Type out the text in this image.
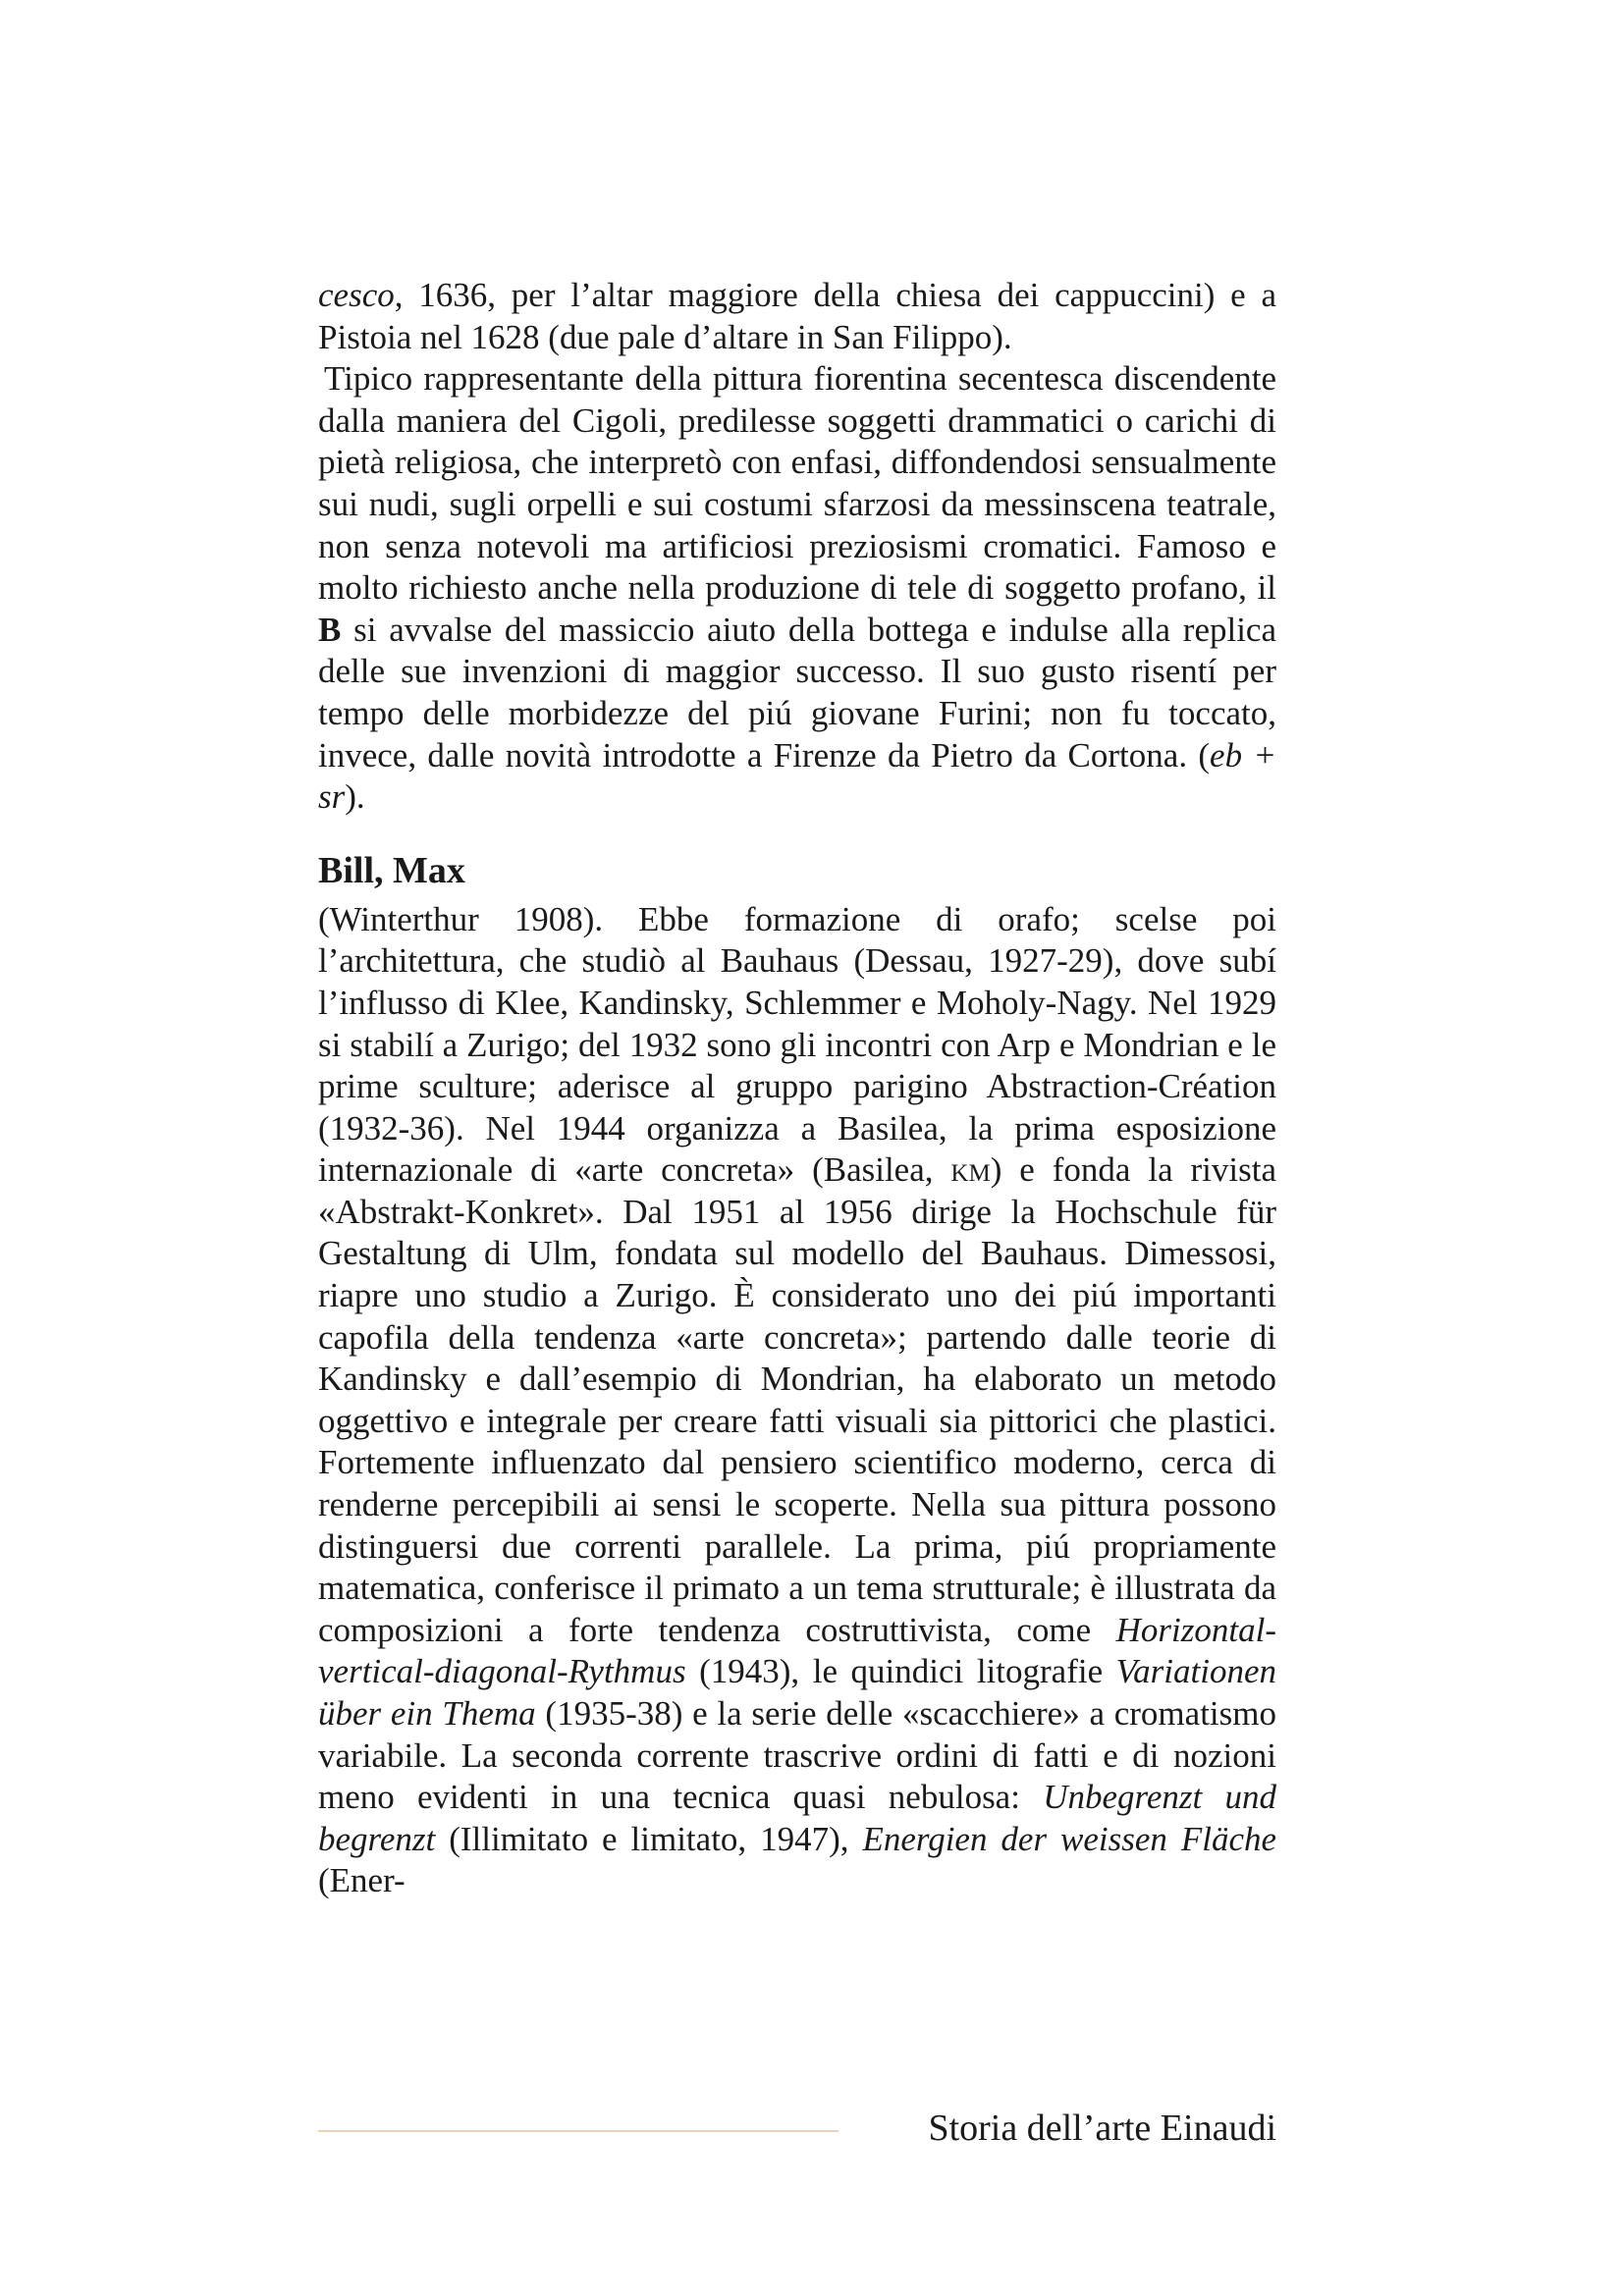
cesco, 1636, per l’altar maggiore della chiesa dei cappuccini) e a Pistoia nel 1628 (due pale d’altare in San Filippo).

Tipico rappresentante della pittura fiorentina secentesca discendente dalla maniera del Cigoli, predilesse soggetti drammatici o carichi di pietà religiosa, che interpretò con enfasi, diffondendosi sensualmente sui nudi, sugli orpelli e sui costumi sfarzosi da messinscena teatrale, non senza notevoli ma artificiosi preziosismi cromatici. Famoso e molto richiesto anche nella produzione di tele di soggetto profano, il B si avvalse del massiccio aiuto della bottega e indulse alla replica delle sue invenzioni di maggior successo. Il suo gusto risentí per tempo delle morbidezze del piú giovane Furini; non fu toccato, invece, dalle novità introdotte a Firenze da Pietro da Cortona. (eb + sr).

Bill, Max

(Winterthur 1908). Ebbe formazione di orafo; scelse poi l’architettura, che studiò al Bauhaus (Dessau, 1927-29), dove subí l’influsso di Klee, Kandinsky, Schlemmer e Moholy-Nagy. Nel 1929 si stabilí a Zurigo; del 1932 sono gli incontri con Arp e Mondrian e le prime sculture; aderisce al gruppo parigino Abstraction-Création (1932-36). Nel 1944 organizza a Basilea, la prima esposizione internazionale di «arte concreta» (Basilea, km) e fonda la rivista «Abstrakt-Konkret». Dal 1951 al 1956 dirige la Hochschule für Gestaltung di Ulm, fondata sul modello del Bauhaus. Dimessosi, riapre uno studio a Zurigo. È considerato uno dei piú importanti capofila della tendenza «arte concreta»; partendo dalle teorie di Kandinsky e dall’esempio di Mondrian, ha elaborato un metodo oggettivo e integrale per creare fatti visuali sia pittorici che plastici. Fortemente influenzato dal pensiero scientifico moderno, cerca di renderne percepibili ai sensi le scoperte. Nella sua pittura possono distinguersi due correnti parallele. La prima, piú propriamente matematica, conferisce il primato a un tema strutturale; è illustrata da composizioni a forte tendenza costruttivista, come Horizontal-vertical-diagonal-Rythmus (1943), le quindici litografie Variationen über ein Thema (1935-38) e la serie delle «scacchiere» a cromatismo variabile. La seconda corrente trascrive ordini di fatti e di nozioni meno evidenti in una tecnica quasi nebulosa: Unbegrenzt und begrenzt (Illimitato e limitato, 1947), Energien der weissen Fläche (Ener-

Storia dell’arte Einaudi
